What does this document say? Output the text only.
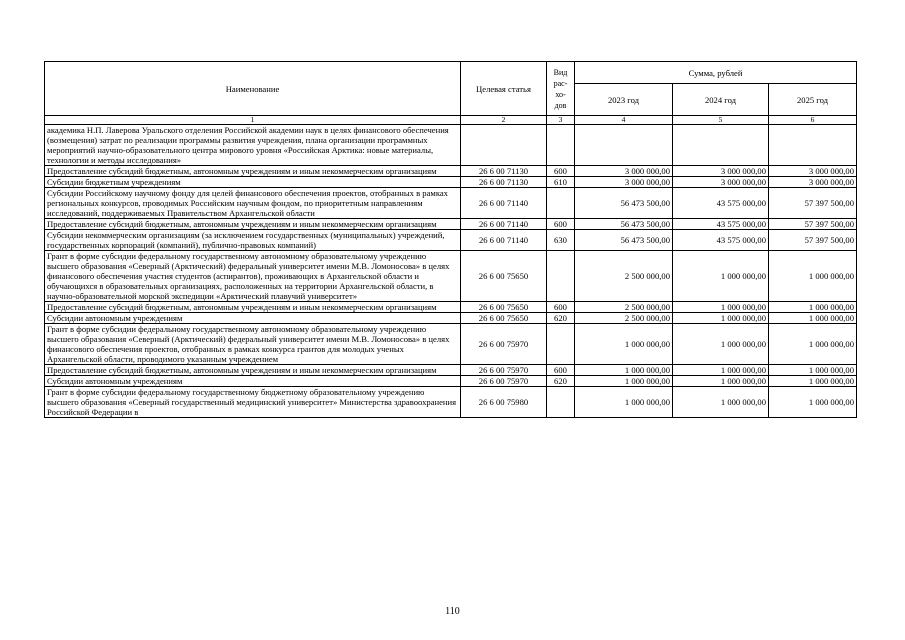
Наименование	Целевая статья	Вид рас- хо- дов	Сумма, рублей		
			2023 год	2024 год	2025 год
1	2	3	4	5	6
академика Н.П. Лаверова Уральского отделения Российской академии наук в целях финансового обеспечения (возмещения) затрат по реализации программы развития учреждения, плана организации программных мероприятий научно-образовательного центра мирового уровня «Российская Арктика: новые материалы, технологии и методы исследования»					
Предоставление субсидий бюджетным, автономным учреждениям и иным некоммерческим организациям	26 6 00 71130	600	3 000 000,00	3 000 000,00	3 000 000,00
Субсидии бюджетным учреждениям	26 6 00 71130	610	3 000 000,00	3 000 000,00	3 000 000,00
Субсидии Российскому научному фонду для целей финансового обеспечения проектов, отобранных в рамках региональных конкурсов, проводимых Российским научным фондом, по приоритетным направлениям исследований, поддерживаемых Правительством Архангельской области	26 6 00 71140		56 473 500,00	43 575 000,00	57 397 500,00
Предоставление субсидий бюджетным, автономным учреждениям и иным некоммерческим организациям	26 6 00 71140	600	56 473 500,00	43 575 000,00	57 397 500,00
Субсидии некоммерческим организациям (за исключением государственных (муниципальных) учреждений, государственных корпораций (компаний), публично-правовых компаний)	26 6 00 71140	630	56 473 500,00	43 575 000,00	57 397 500,00
Грант в форме субсидии федеральному государственному автономному образовательному учреждению высшего образования «Северный (Арктический) федеральный университет имени М.В. Ломоносова» в целях финансового обеспечения участия студентов (аспирантов), проживающих в Архангельской области и обучающихся в образовательных организациях, расположенных на территории Архангельской области, в научно-образовательной морской экспедиции «Арктический плавучий университет»	26 6 00 75650		2 500 000,00	1 000 000,00	1 000 000,00
Предоставление субсидий бюджетным, автономным учреждениям и иным некоммерческим организациям	26 6 00 75650	600	2 500 000,00	1 000 000,00	1 000 000,00
Субсидии автономным учреждениям	26 6 00 75650	620	2 500 000,00	1 000 000,00	1 000 000,00
Грант в форме субсидии федеральному государственному автономному образовательному учреждению высшего образования «Северный (Арктический) федеральный университет имени М.В. Ломоносова» в целях финансового обеспечения проектов, отобранных в рамках конкурса грантов для молодых ученых Архангельской области, проводимого указанным учреждением	26 6 00 75970		1 000 000,00	1 000 000,00	1 000 000,00
Предоставление субсидий бюджетным, автономным учреждениям и иным некоммерческим организациям	26 6 00 75970	600	1 000 000,00	1 000 000,00	1 000 000,00
Субсидии автономным учреждениям	26 6 00 75970	620	1 000 000,00	1 000 000,00	1 000 000,00
Грант в форме субсидии федеральному государственному бюджетному образовательному учреждению высшего образования «Северный государственный медицинский университет» Министерства здравоохранения Российской Федерации в	26 6 00 75980		1 000 000,00	1 000 000,00	1 000 000,00
110
